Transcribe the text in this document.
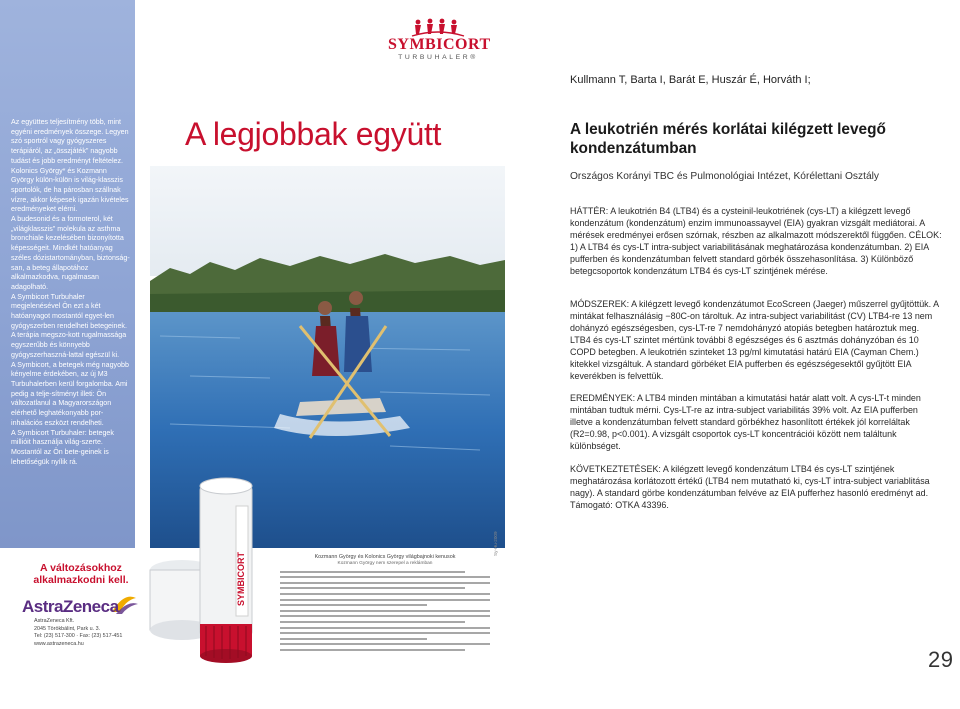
Az együttes teljesítmény több, mint egyéni eredmények összege. Legyen szó sportról vagy gyógyszeres terápiáról, az „összjáték" nagyobb tudást és jobb eredményt feltételez. Kolonics György* és Kozmann György külön-külön is világ-klasszis sportolók, de ha párosban szállnak vízre, akkor képesek igazán kivételes eredményeket elérni.

A budesonid és a formoterol, két „világklasszis" molekula az asthma bronchiale kezelésében bizonyította képességeit. Mindkét hatóanyag széles dózistartományban, biztonság-san, a beteg állapotához alkalmazkodva, rugalmasan adagolható.

A Symbicort Turbuhaler megjelenésével Ön ezt a két hatóanyagot mostantól egyet-len gyógyszerben rendelheti betegeinek. A terápia megszo-kott rugalmassága egyszerűbb és könnyebb gyógyszerhaszná-lattal egészül ki.

A Symbicort, a betegek még nagyobb kényelme érdekében, az új M3 Turbuhalerben kerül forgalomba. Ami pedig a telje-sítményt illeti: Ön változatlanul a Magyarországon elérhető leghatékonyabb por-inhalációs eszközt rendelheti.

A Symbicort Turbuhaler: betegek millióit használja világ-szerte. Mostantól az Ön bete-geinek is lehetőségük nyílik rá.

SYMBICORT
TURBUHALER®
A legjobbak együtt
SYMBICORT
A változásokhoz alkalmazkodni kell.
AstraZeneca
AstraZeneca Kft.
2045 Törökbálint, Park u. 3.
Tel: (23) 517-300 · Fax: (23) 517-451
www.astrazeneca.hu
Kozmann György és Kolonics György világbajnoki kenusok
Kozmann György nem szerepel a reklámban
Sy-Hu-2009
Kullmann T, Barta I, Barát E, Huszár É, Horváth I;
A leukotrién mérés korlátai kilégzett levegő kondenzátumban
Országos Korányi TBC és Pulmonológiai Intézet, Kórélettani Osztály

HÁTTÉR: A leukotrién B4 (LTB4) és a cysteinil-leukotriének (cys-LT) a kilégzett levegő kondenzátum (kondenzátum) enzim immunoassayvel (EIA) gyakran vizsgált mediátorai. A mérések eredményei erősen szórnak, részben az alkalmazott módszerektől függően. CÉLOK: 1) A LTB4 és cys-LT intra-subject variabilitásának meghatározása kondenzátumban. 2) EIA pufferben és kondenzátumban felvett standard görbék összehasonlítása. 3) Különböző betegcsoportok kondenzátum LTB4 és cys-LT szintjének mérése.

MÓDSZEREK: A kilégzett levegő kondenzátumot EcoScreen (Jaeger) műszerrel gyűjtöttük. A mintákat felhasználásig −80C-on tároltuk. Az intra-subject variabilitást (CV) LTB4-re 13 nem dohányzó egészségesben, cys-LT-re 7 nemdohányzó atopiás betegben határoztuk meg. LTB4 és cys-LT szintet mértünk további 8 egészséges és 6 asztmás dohányzóban és 10 COPD betegben. A leukotrién szinteket 13 pg/ml kimutatási határú EIA (Cayman Chem.) kitekkel vizsgáltuk. A standard görbéket EIA pufferben és egészségesektől gyűjtött EIA keverékben is felvettük.

EREDMÉNYEK: A LTB4 minden mintában a kimutatási határ alatt volt. A cys-LT-t minden mintában tudtuk mérni. Cys-LT-re az intra-subject variabilitás 39% volt. Az EIA pufferben illetve a kondenzátumban felvett standard görbékhez hasonlított értékek jól korreláltak (R2=0.98, p<0.001). A vizsgált csoportok cys-LT koncentrációi között nem találtunk különbséget.

KÖVETKEZTETÉSEK: A kilégzett levegő kondenzátum LTB4 és cys-LT szintjének meghatározása korlátozott értékű (LTB4 nem mutatható ki, cys-LT intra-subject variablitása nagy). A standard görbe kondenzátumban felvéve az EIA pufferhez hasonló eredményt ad. Támogató: OTKA 43396.

29
